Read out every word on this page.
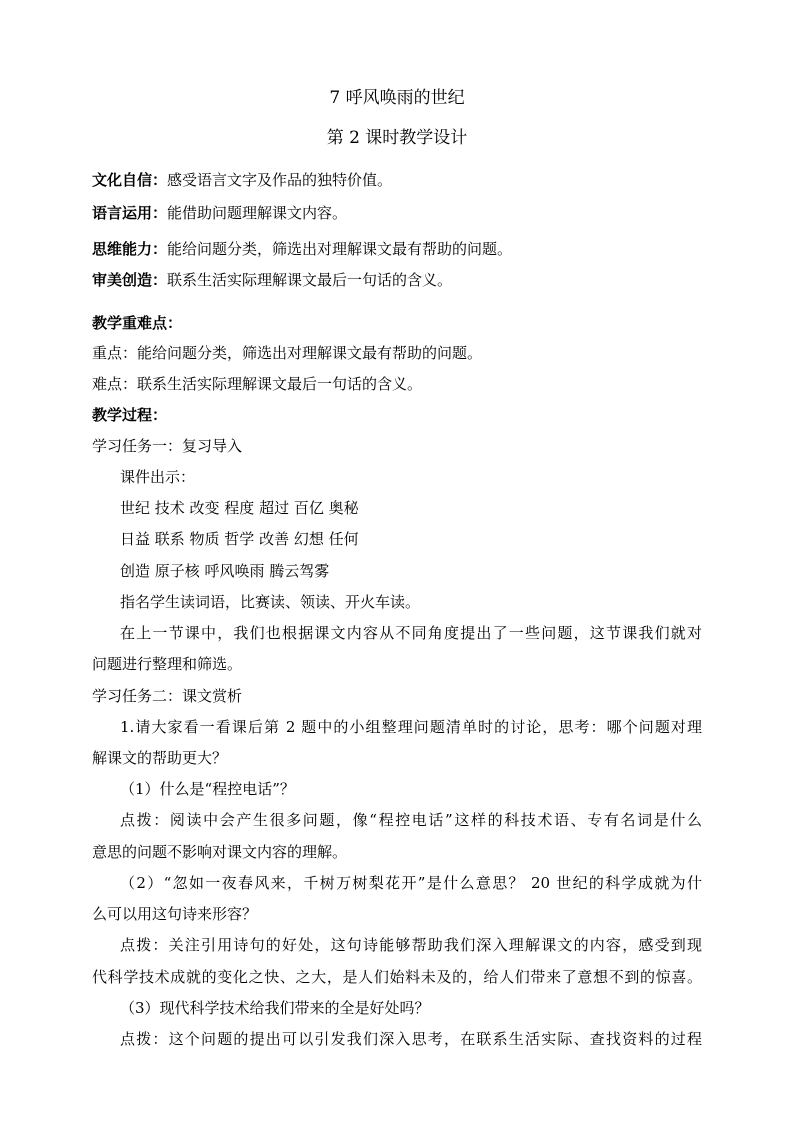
7 呼风唤雨的世纪
第 2 课时教学设计
文化自信：感受语言文字及作品的独特价值。
语言运用：能借助问题理解课文内容。
思维能力：能给问题分类，筛选出对理解课文最有帮助的问题。
审美创造：联系生活实际理解课文最后一句话的含义。
教学重难点：
重点：能给问题分类，筛选出对理解课文最有帮助的问题。
难点：联系生活实际理解课文最后一句话的含义。
教学过程：
学习任务一：复习导入
课件出示：
世纪 技术 改变 程度 超过 百亿 奥秘
日益 联系 物质 哲学 改善 幻想 任何
创造 原子核 呼风唤雨 腾云驾雾
指名学生读词语，比赛读、领读、开火车读。
在上一节课中，我们也根据课文内容从不同角度提出了一些问题，这节课我们就对
问题进行整理和筛选。
学习任务二：课文赏析
1.请大家看一看课后第 2 题中的小组整理问题清单时的讨论，思考：哪个问题对理
解课文的帮助更大？
（1）什么是“程控电话”？
点拨：阅读中会产生很多问题，像“程控电话”这样的科技术语、专有名词是什么
意思的问题不影响对课文内容的理解。
（2）“忽如一夜春风来，千树万树梨花开”是什么意思？ 20 世纪的科学成就为什
么可以用这句诗来形容？
点拨：关注引用诗句的好处，这句诗能够帮助我们深入理解课文的内容，感受到现
代科学技术成就的变化之快、之大，是人们始料未及的，给人们带来了意想不到的惊喜。
（3）现代科学技术给我们带来的全是好处吗？
点拨：这个问题的提出可以引发我们深入思考，在联系生活实际、查找资料的过程
